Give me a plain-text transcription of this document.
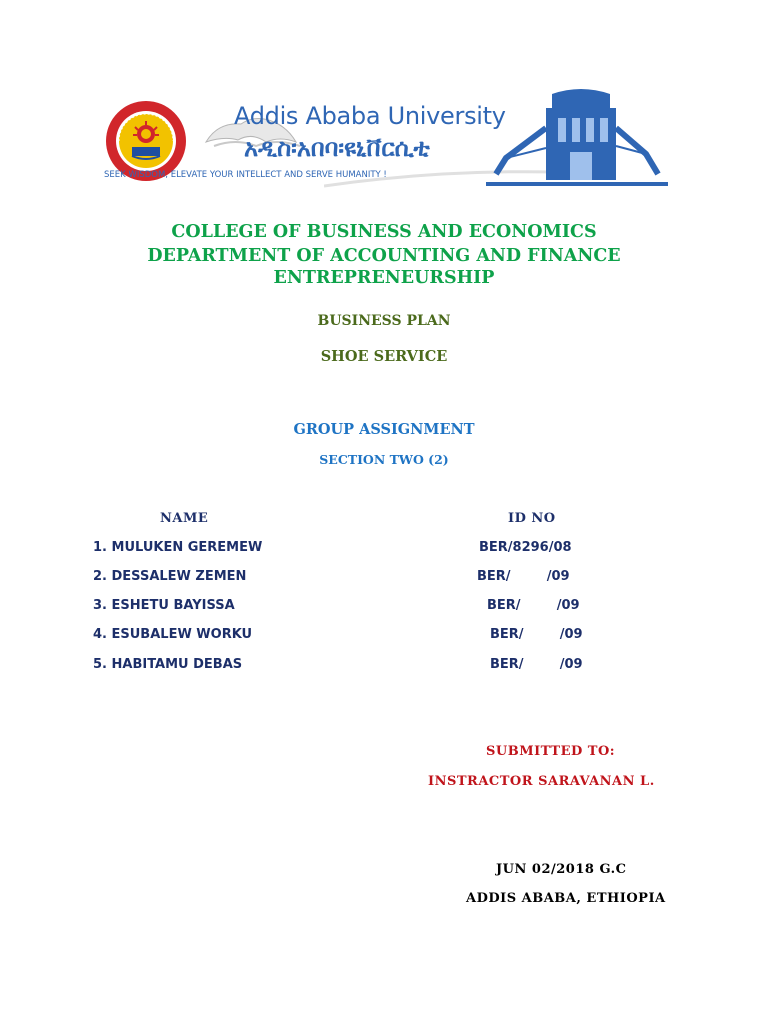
Addis Ababa University
አዲስ፡አበባ፡ዩኒቨርሲቲ
SEEK WISDOM, ELEVATE YOUR INTELLECT AND SERVE HUMANITY !
COLLEGE OF BUSINESS AND ECONOMICS
DEPARTMENT OF ACCOUNTING AND FINANCE
ENTREPRENEURSHIP
BUSINESS PLAN
SHOE SERVICE
GROUP ASSIGNMENT
SECTION TWO (2)
NAME	ID NO
1. MULUKEN GEREMEW	BER/8296/08
2. DESSALEW ZEMEN	BER/        /09
3. ESHETU BAYISSA	BER/        /09
4. ESUBALEW WORKU	BER/        /09
5. HABITAMU DEBAS	BER/        /09
SUBMITTED TO:
INSTRACTOR SARAVANAN L.
JUN 02/2018 G.C
ADDIS ABABA, ETHIOPIA
